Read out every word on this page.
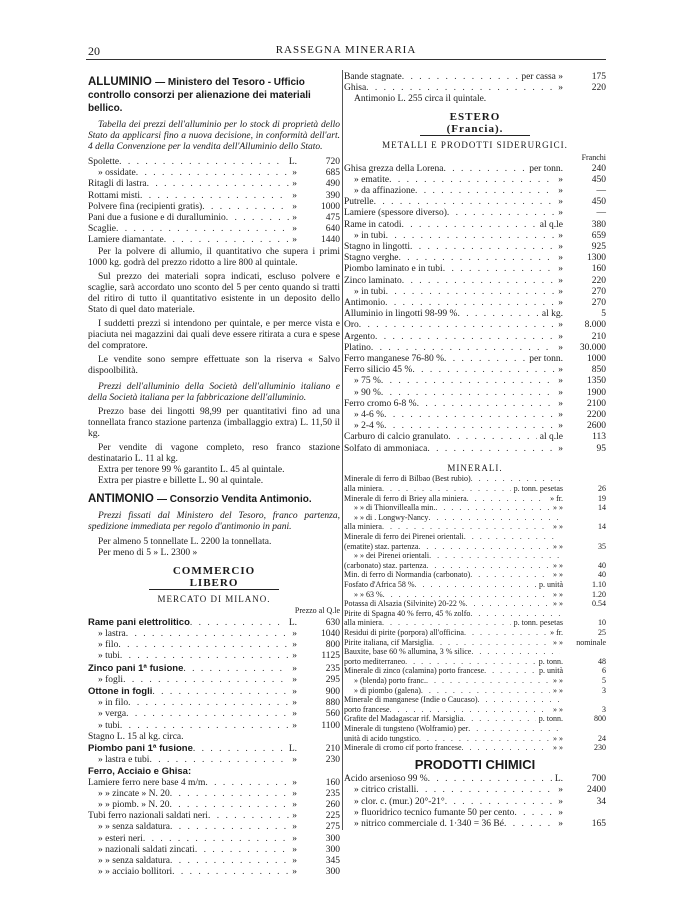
20	RASSEGNA MINERARIA
ALLUMINIO — Ministero del Tesoro - Ufficio controllo consorzi per alienazione dei materiali bellico.
Tabella dei prezzi dell'alluminio per lo stock di proprietà dello Stato da applicarsi fino a nuova decisione, in conformità dell'art. 4 della Convenzione per la vendita dell'Alluminio dello Stato.
Spolette . . .	L.	720
» ossidate . . .	»	685
Ritagli di lastra . . .	»	490
Rottami misti . . .	»	390
Polvere fina (recipienti gratis) . . .	»	1000
Pani due a fusione e di duralluminio . . .	»	475
Scaglie . . .	»	640
Lamiere diamantate . . .	»	1440
Per la polvere di allumio, il quantitativo che supera i primi 1000 kg. godrà del prezzo ridotto a lire 800 al quintale.
Sul prezzo dei materiali sopra indicati, escluso polvere e scaglie, sarà accordato uno sconto del 5 per cento quando si tratti del ritiro di tutto il quantitativo esistente in un deposito dello Stato di quel dato materiale.
I suddetti prezzi si intendono per quintale, e per merce vista e piaciuta nei magazzini dai quali deve essere ritirata a cura e spese del compratore.
Le vendite sono sempre effettuate son la riserva « Salvo dispoolbilità.
Prezzi dell'alluminio della Società dell'alluminio italiano e della Società italiana per la fabbricazione dell'alluminio.
Prezzo base dei lingotti 98,99 per quantitativi fino ad una tonnellata franco stazione partenza (imballaggio extra) L. 11,50 il kg.
Per vendite di vagone completo, reso franco stazione destinatario L. 11 al kg.
Extra per tenore 99 % garantito L. 45 al quintale.
Extra per piastre e billette L. 90 al quintale.
ANTIMONIO — Consorzio Vendita Antimonio.
Prezzi fissati dal Ministero del Tesoro, franco partenza, spedizione immediata per regolo d'antimonio in pani.
Per almeno 5 tonnellate L. 2200 la tonnellata.
Per meno di 5 » L. 2300 »
COMMERCIO LIBERO
MERCATO DI MILANO.
Prezzo al Q.le
Rame pani elettrolitico . . .	L.	630
» lastra . . .	»	1040
» filo . . .	»	800
» tubi . . .	»	1125
Zinco pani 1ª fusione . . .	»	235
» fogli . . .	»	295
Ottone in fogli . . .	»	900
» in filo . . .	»	880
» verga . . .	»	560
» tubi . . .	»	1100
Stagno L. 15 al kg. circa.
Piombo pani 1ª fusione . . .	L.	210
» lastra e tubi . . .	»	230
Ferro, Acciaio e Ghisa:
Lamiere ferro nere base 4 m/m . . .	»	160
» » zincate » N. 20 . . .	»	235
» » piomb. » N. 20 . . .	»	260
Tubi ferro nazionali saldati neri . . .	»	225
» » senza saldatura . . .	»	275
» esteri neri . . .	»	300
» nazionali saldati zincati . . .	»	300
» » senza saldatura . . .	»	345
» » acciaio bollitori . . .	»	300
Bande stagnate . . .	per cassa »	175
Ghisa . . .	»	220
Antimonio L. 255 circa il quintale.
ESTERO (Francia).
METALLI E PRODOTTI SIDERURGICI.
Franchi
Ghisa grezza della Lorena . . .	per tonn.	240
» ematite . . .	»	450
» da affinazione . . .	»	—
Putrelle . . .	»	450
Lamiere (spessore diverso) . . .	»	—
Rame in catodi . . .	al q.le	380
» in tubi . . .	»	659
Stagno in lingotti . . .	»	925
Stagno verghe . . .	»	1300
Piombo laminato e in tubi . . .	»	160
Zinco laminato . . .	»	220
» in tubi . . .	»	270
Antimonio . . .	»	270
Alluminio in lingotti 98-99 % . . .	al kg.	5
Oro . . .	»	8.000
Argento . . .	»	210
Platino . . .	»	30.000
Ferro manganese 76-80 % . . .	per tonn.	1000
Ferro silicio 45 % . . .	»	850
» 75 % . . .	»	1350
» 90 % . . .	»	1900
Ferro cromo 6-8 % . . .	»	2100
» 4-6 % . . .	»	2200
» 2-4 % . . .	»	2600
Carburo di calcio granulato . . .	al q.le	113
Solfato di ammoniaca . . .	»	95
MINERALI.
Minerale di ferro di Bilbao (Best rubio)
. . .
alla miniera . . .	p. tonn. pesetas	26
Minerale di ferro di Briey alla miniera . . .	» fr.	19
» » di Thionvillealla min. . . .	» »	14
» » di . Longwy-Nancy
. . .
alla miniera . . .	» »	14
Minerale di ferro dei Pirenei orientali
. . .
(ematite) staz. partenza . . .	» »	35
» » dei Pirenei orientali
. . .
(carbonato) staz. partenza . . .	» »	40
Min. di ferro di Normandia (carbonato) . . .	» »	40
Fosfato d'Africa 58 % . . .	p. unità	1.10
» » 63 % . . .	» »	1.20
Potassa di Alsazia (Silvinite) 20-22 % . . .	» »	0.54
Pirite di Spagna 40 % ferro, 45 % zolfo
. . .
alla miniera . . .	p. tonn. pesetas	10
Residui di pirite (porpora) all'officina . . .	» fr.	25
Pirite italiana, cif Marsiglia . . .	» »	nominale
Bauxite, base 60 % allumina, 3 % silice
. . .
porto mediterraneo . . .	p. tonn.	48
Minerale di zinco (calamina) porto francese . . .	p. unità	6
» (blenda) porto franc. . . .	» »	5
» di piombo (galena) . . .	» »	3
Minerale di manganese (Indie o Caucaso)
. . .
porto francese . . .	» »	3
Grafite del Madagascar rif. Marsiglia . . .	p. tonn.	800
Minerale di tungsteno (Wolframio) per
. . .
unità di acido tungstico . . .	» »	24
Minerale di cromo cif porto francese . . .	» »	230
PRODOTTI CHIMICI
Acido arsenioso 99 % . . .	L.	700
» citrico cristalli . . .	»	2400
» clor. c. (mur.) 20°-21° . . .	»	34
» fluoridrico tecnico fumante 50 per cento . . .	»
» nitrico commerciale d. 1·340 = 36 Bé . . .	»	165
